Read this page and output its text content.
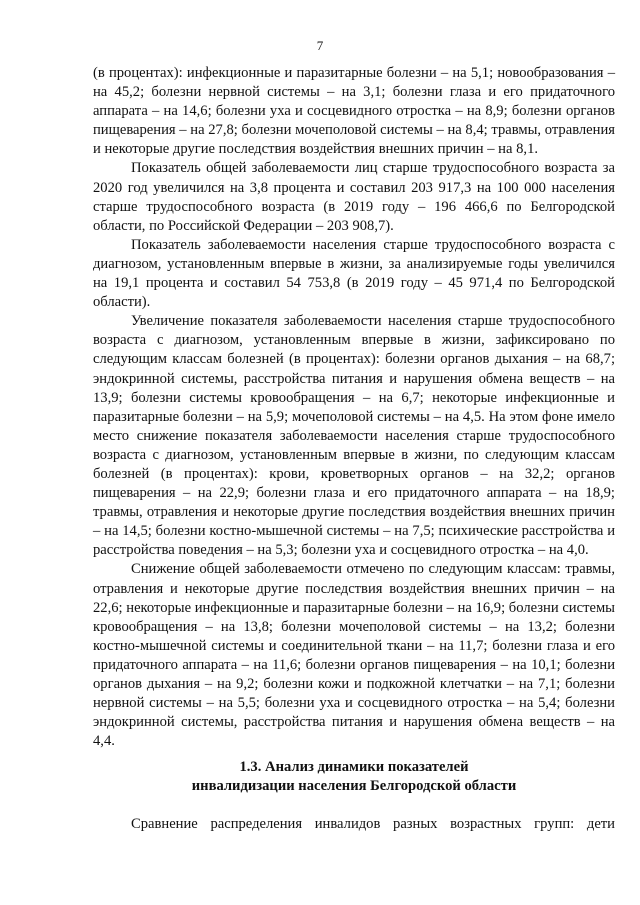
7

(в процентах): инфекционные и паразитарные болезни – на 5,1; новообразования – на 45,2; болезни нервной системы – на 3,1; болезни глаза и его придаточного аппарата – на 14,6; болезни уха и сосцевидного отростка – на 8,9; болезни органов пищеварения – на 27,8; болезни мочеполовой системы – на 8,4; травмы, отравления и некоторые другие последствия воздействия внешних причин – на 8,1.

Показатель общей заболеваемости лиц старше трудоспособного возраста за 2020 год увеличился на 3,8 процента и составил 203 917,3 на 100 000 населения старше трудоспособного возраста (в 2019 году – 196 466,6 по Белгородской области, по Российской Федерации – 203 908,7).

Показатель заболеваемости населения старше трудоспособного возраста с диагнозом, установленным впервые в жизни, за анализируемые годы увеличился на 19,1 процента и составил 54 753,8 (в 2019 году – 45 971,4 по Белгородской области).

Увеличение показателя заболеваемости населения старше трудоспособного возраста с диагнозом, установленным впервые в жизни, зафиксировано по следующим классам болезней (в процентах): болезни органов дыхания – на 68,7; эндокринной системы, расстройства питания и нарушения обмена веществ – на 13,9; болезни системы кровообращения – на 6,7; некоторые инфекционные и паразитарные болезни – на 5,9; мочеполовой системы – на 4,5. На этом фоне имело место снижение показателя заболеваемости населения старше трудоспособного возраста с диагнозом, установленным впервые в жизни, по следующим классам болезней (в процентах): крови, кроветворных органов – на 32,2; органов пищеварения – на 22,9; болезни глаза и его придаточного аппарата – на 18,9; травмы, отравления и некоторые другие последствия воздействия внешних причин – на 14,5; болезни костно-мышечной системы – на 7,5; психические расстройства и расстройства поведения – на 5,3; болезни уха и сосцевидного отростка – на 4,0.

Снижение общей заболеваемости отмечено по следующим классам: травмы, отравления и некоторые другие последствия воздействия внешних причин – на 22,6; некоторые инфекционные и паразитарные болезни – на 16,9; болезни системы кровообращения – на 13,8; болезни мочеполовой системы – на 13,2; болезни костно-мышечной системы и соединительной ткани – на 11,7; болезни глаза и его придаточного аппарата – на 11,6; болезни органов пищеварения – на 10,1; болезни органов дыхания – на 9,2; болезни кожи и подкожной клетчатки – на 7,1; болезни нервной системы – на 5,5; болезни уха и сосцевидного отростка – на 5,4; болезни эндокринной системы, расстройства питания и нарушения обмена веществ – на 4,4.

1.3. Анализ динамики показателей
инвалидизации населения Белгородской области
Сравнение распределения инвалидов разных возрастных групп: дети
